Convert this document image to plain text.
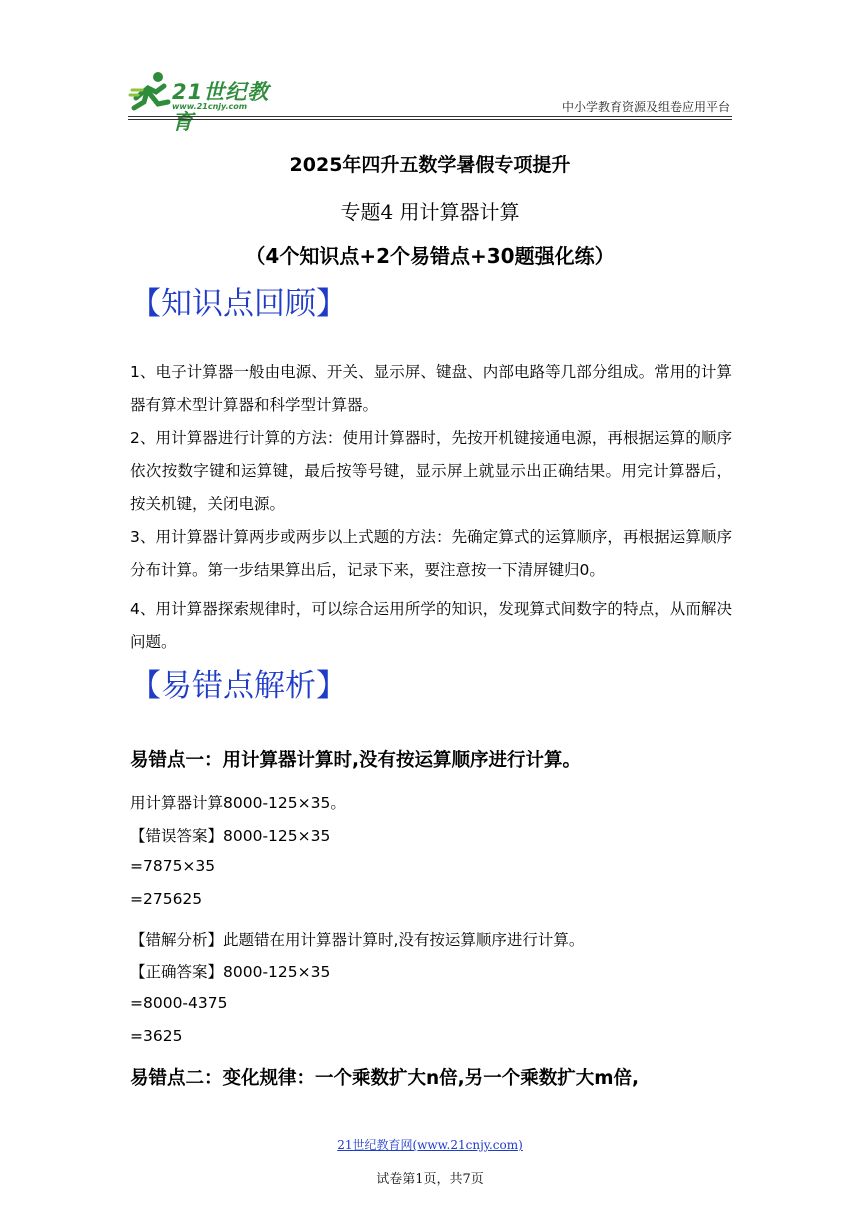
21世纪教育
www.21cnjy.com	中小学教育资源及组卷应用平台
2025年四升五数学暑假专项提升
专题4 用计算器计算
（4个知识点+2个易错点+30题强化练）
【知识点回顾】
1、电子计算器一般由电源、开关、显示屏、键盘、内部电路等几部分组成。常用的计算器有算术型计算器和科学型计算器。
2、用计算器进行计算的方法：使用计算器时，先按开机键接通电源，再根据运算的顺序依次按数字键和运算键，最后按等号键，显示屏上就显示出正确结果。用完计算器后，按关机键，关闭电源。
3、用计算器计算两步或两步以上式题的方法：先确定算式的运算顺序，再根据运算顺序分布计算。第一步结果算出后，记录下来，要注意按一下清屏键归0。
4、用计算器探索规律时，可以综合运用所学的知识，发现算式间数字的特点，从而解决问题。
【易错点解析】
易错点一：用计算器计算时,没有按运算顺序进行计算。
用计算器计算8000-125×35。
【错误答案】8000-125×35
=7875×35
=275625
【错解分析】此题错在用计算器计算时,没有按运算顺序进行计算。
【正确答案】8000-125×35
=8000-4375
=3625
易错点二：变化规律：一个乘数扩大n倍,另一个乘数扩大m倍,
21世纪教育网(www.21cnjy.com)
试卷第1页，共7页
